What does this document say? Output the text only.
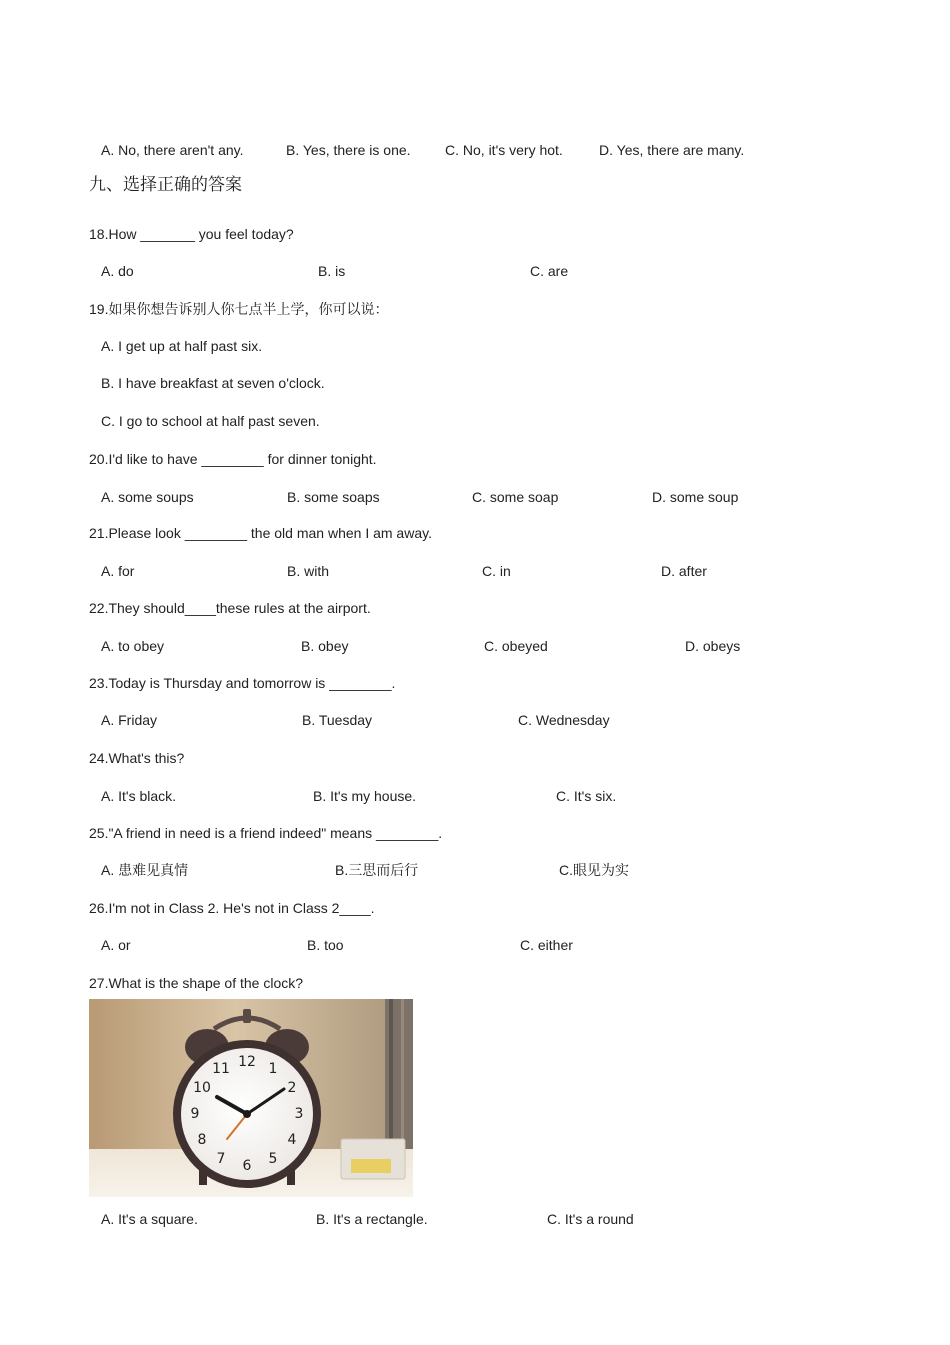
A. No, there aren't any.	B. Yes, there is one. C. No, it's very hot.	D. Yes, there are many.
九、选择正确的答案
18.How _______ you feel today?
A. do	B. is	C. are
19.如果你想告诉别人你七点半上学，你可以说：
A. I get up at half past six.
B. I have breakfast at seven o'clock.
C. I go to school at half past seven.
20.I'd like to have ________ for dinner tonight.
A. some soups	B. some soaps	C. some soap	D. some soup
21.Please look ________ the old man when I am away.
A. for	B. with	C. in	D. after
22.They should____these rules at the airport.
A. to obey	B. obey	C. obeyed	D. obeys
23.Today is Thursday and tomorrow is ________.
A. Friday	B. Tuesday	C. Wednesday
24.What's this?
A. It's black.	B. It's my house.	C. It's six.
25."A friend in need is a friend indeed" means ________.
A. 患难见真情	B.三思而后行	C.眼见为实
26.I'm not in Class 2. He's not in Class 2____.
A. or	B. too	C. either
27.What is the shape of the clock?
12 1
2
3
4
5
6
7
8
9
10
11
A. It's a square.	B. It's a rectangle.	C. It's a round
